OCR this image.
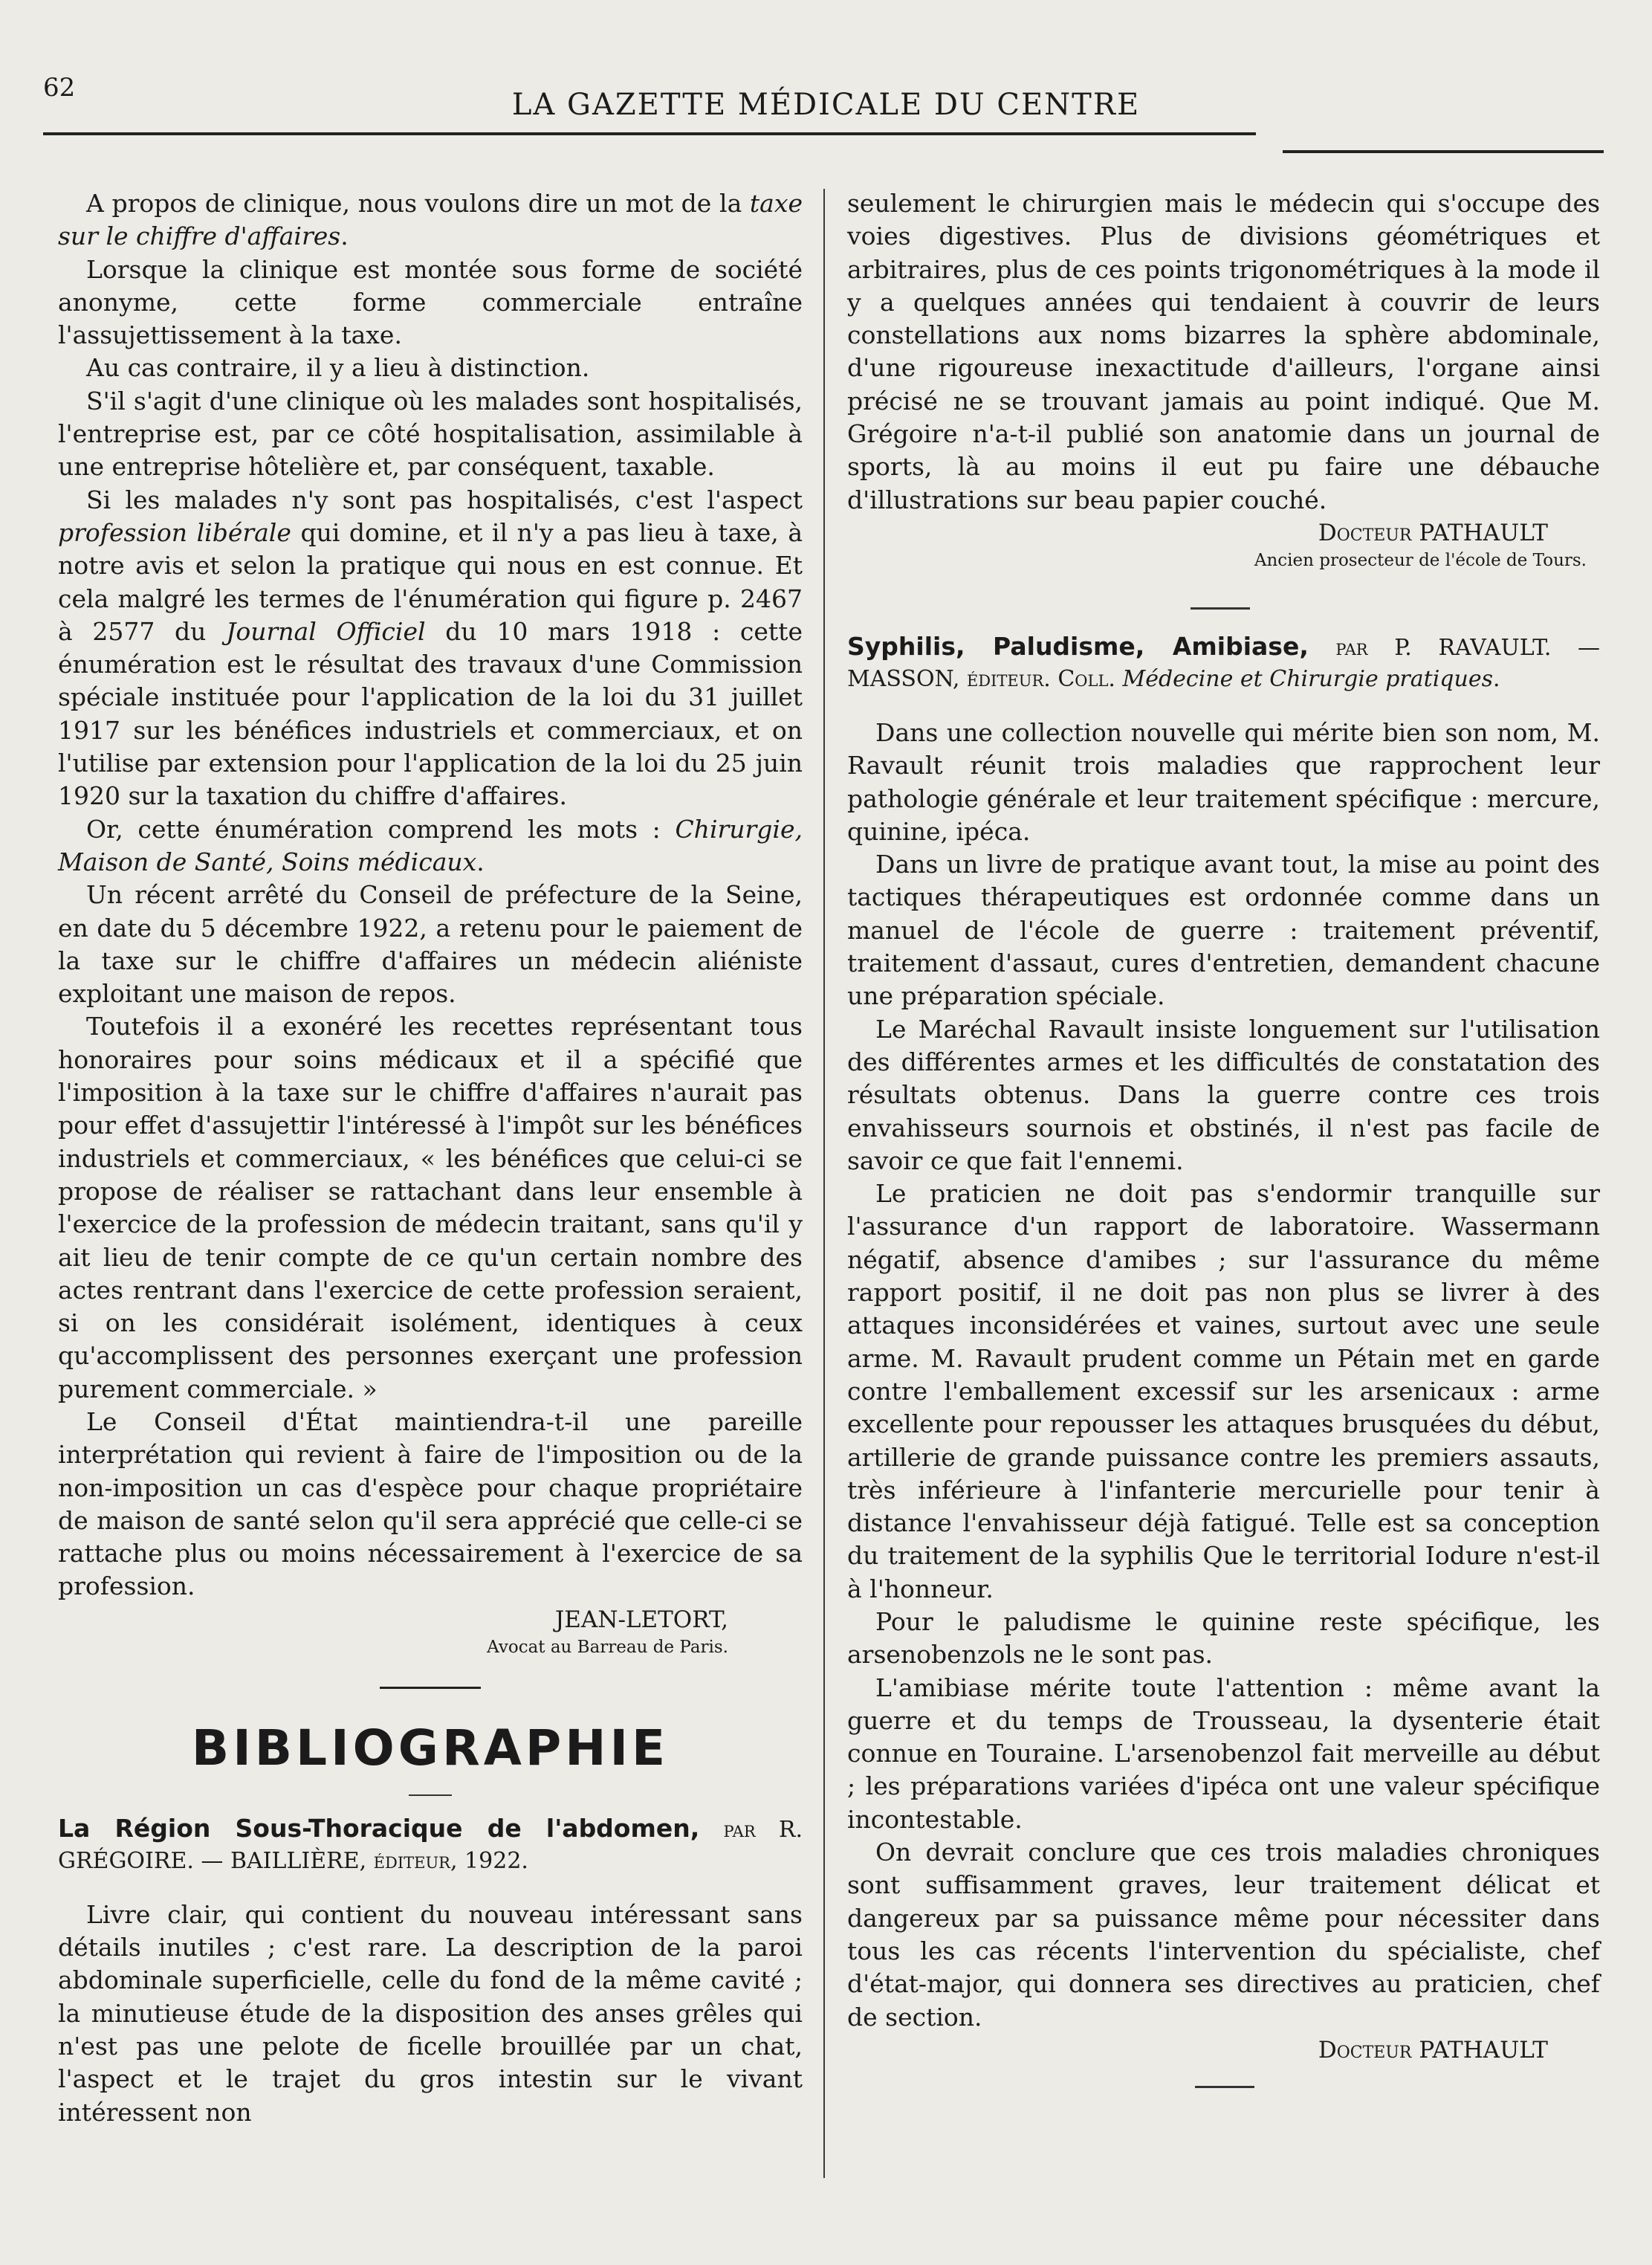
62	LA GAZETTE MÉDICALE DU CENTRE

A propos de clinique, nous voulons dire un mot de la taxe sur le chiffre d'affaires.

Lorsque la clinique est montée sous forme de société anonyme, cette forme commerciale entraîne l'assujettissement à la taxe.

Au cas contraire, il y a lieu à distinction.

S'il s'agit d'une clinique où les malades sont hospitalisés, l'entreprise est, par ce côté hospitalisation, assimilable à une entreprise hôtelière et, par conséquent, taxable.

Si les malades n'y sont pas hospitalisés, c'est l'aspect profession libérale qui domine, et il n'y a pas lieu à taxe, à notre avis et selon la pratique qui nous en est connue. Et cela malgré les termes de l'énumération qui figure p. 2467 à 2577 du Journal Officiel du 10 mars 1918 : cette énumération est le résultat des travaux d'une Commission spéciale instituée pour l'application de la loi du 31 juillet 1917 sur les bénéfices industriels et commerciaux, et on l'utilise par extension pour l'application de la loi du 25 juin 1920 sur la taxation du chiffre d'affaires.

Or, cette énumération comprend les mots : Chirurgie, Maison de Santé, Soins médicaux.

Un récent arrêté du Conseil de préfecture de la Seine, en date du 5 décembre 1922, a retenu pour le paiement de la taxe sur le chiffre d'affaires un médecin aliéniste exploitant une maison de repos.

Toutefois il a exonéré les recettes représentant tous honoraires pour soins médicaux et il a spécifié que l'imposition à la taxe sur le chiffre d'affaires n'aurait pas pour effet d'assujettir l'intéressé à l'impôt sur les bénéfices industriels et commerciaux, « les bénéfices que celui-ci se propose de réaliser se rattachant dans leur ensemble à l'exercice de la profession de médecin traitant, sans qu'il y ait lieu de tenir compte de ce qu'un certain nombre des actes rentrant dans l'exercice de cette profession seraient, si on les considérait isolément, identiques à ceux qu'accomplissent des personnes exerçant une profession purement commerciale. »

Le Conseil d'État maintiendra-t-il une pareille interprétation qui revient à faire de l'imposition ou de la non-imposition un cas d'espèce pour chaque propriétaire de maison de santé selon qu'il sera apprécié que celle-ci se rattache plus ou moins nécessairement à l'exercice de sa profession.

JEAN-LETORT,

Avocat au Barreau de Paris.

BIBLIOGRAPHIE

La Région Sous-Thoracique de l'abdomen, par R. GRÉGOIRE. — BAILLIÈRE, éditeur, 1922.

Livre clair, qui contient du nouveau intéressant sans détails inutiles ; c'est rare. La description de la paroi abdominale superficielle, celle du fond de la même cavité ; la minutieuse étude de la disposition des anses grêles qui n'est pas une pelote de ficelle brouillée par un chat, l'aspect et le trajet du gros intestin sur le vivant intéressent non

seulement le chirurgien mais le médecin qui s'occupe des voies digestives. Plus de divisions géométriques et arbitraires, plus de ces points trigonométriques à la mode il y a quelques années qui tendaient à couvrir de leurs constellations aux noms bizarres la sphère abdominale, d'une rigoureuse inexactitude d'ailleurs, l'organe ainsi précisé ne se trouvant jamais au point indiqué. Que M. Grégoire n'a-t-il publié son anatomie dans un journal de sports, là au moins il eut pu faire une débauche d'illustrations sur beau papier couché.

Docteur PATHAULT

Ancien prosecteur de l'école de Tours.

Syphilis, Paludisme, Amibiase, par P. RAVAULT. — MASSON, éditeur. Coll. Médecine et Chirurgie pratiques.

Dans une collection nouvelle qui mérite bien son nom, M. Ravault réunit trois maladies que rapprochent leur pathologie générale et leur traitement spécifique : mercure, quinine, ipéca.

Dans un livre de pratique avant tout, la mise au point des tactiques thérapeutiques est ordonnée comme dans un manuel de l'école de guerre : traitement préventif, traitement d'assaut, cures d'entretien, demandent chacune une préparation spéciale.

Le Maréchal Ravault insiste longuement sur l'utilisation des différentes armes et les difficultés de constatation des résultats obtenus. Dans la guerre contre ces trois envahisseurs sournois et obstinés, il n'est pas facile de savoir ce que fait l'ennemi.

Le praticien ne doit pas s'endormir tranquille sur l'assurance d'un rapport de laboratoire. Wassermann négatif, absence d'amibes ; sur l'assurance du même rapport positif, il ne doit pas non plus se livrer à des attaques inconsidérées et vaines, surtout avec une seule arme. M. Ravault prudent comme un Pétain met en garde contre l'emballement excessif sur les arsenicaux : arme excellente pour repousser les attaques brusquées du début, artillerie de grande puissance contre les premiers assauts, très inférieure à l'infanterie mercurielle pour tenir à distance l'envahisseur déjà fatigué. Telle est sa conception du traitement de la syphilis Que le territorial Iodure n'est-il à l'honneur.

Pour le paludisme le quinine reste spécifique, les arsenobenzols ne le sont pas.

L'amibiase mérite toute l'attention : même avant la guerre et du temps de Trousseau, la dysenterie était connue en Touraine. L'arsenobenzol fait merveille au début ; les préparations variées d'ipéca ont une valeur spécifique incontestable.

On devrait conclure que ces trois maladies chroniques sont suffisamment graves, leur traitement délicat et dangereux par sa puissance même pour nécessiter dans tous les cas récents l'intervention du spécialiste, chef d'état-major, qui donnera ses directives au praticien, chef de section.

Docteur PATHAULT
